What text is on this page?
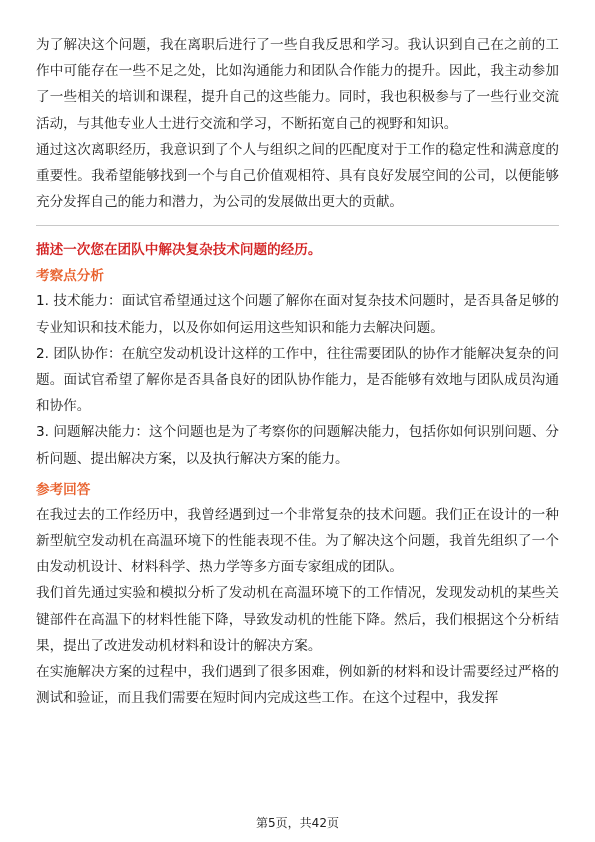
为了解决这个问题，我在离职后进行了一些自我反思和学习。我认识到自己在之前的工作中可能存在一些不足之处，比如沟通能力和团队合作能力的提升。因此，我主动参加了一些相关的培训和课程，提升自己的这些能力。同时，我也积极参与了一些行业交流活动，与其他专业人士进行交流和学习，不断拓宽自己的视野和知识。

通过这次离职经历，我意识到了个人与组织之间的匹配度对于工作的稳定性和满意度的重要性。我希望能够找到一个与自己价值观相符、具有良好发展空间的公司，以便能够充分发挥自己的能力和潜力，为公司的发展做出更大的贡献。

描述一次您在团队中解决复杂技术问题的经历。

考察点分析

1. 技术能力：面试官希望通过这个问题了解你在面对复杂技术问题时，是否具备足够的专业知识和技术能力，以及你如何运用这些知识和能力去解决问题。

2. 团队协作：在航空发动机设计这样的工作中，往往需要团队的协作才能解决复杂的问题。面试官希望了解你是否具备良好的团队协作能力，是否能够有效地与团队成员沟通和协作。

3. 问题解决能力：这个问题也是为了考察你的问题解决能力，包括你如何识别问题、分析问题、提出解决方案，以及执行解决方案的能力。

参考回答

在我过去的工作经历中，我曾经遇到过一个非常复杂的技术问题。我们正在设计的一种新型航空发动机在高温环境下的性能表现不佳。为了解决这个问题，我首先组织了一个由发动机设计、材料科学、热力学等多方面专家组成的团队。

我们首先通过实验和模拟分析了发动机在高温环境下的工作情况，发现发动机的某些关键部件在高温下的材料性能下降，导致发动机的性能下降。然后，我们根据这个分析结果，提出了改进发动机材料和设计的解决方案。

在实施解决方案的过程中，我们遇到了很多困难，例如新的材料和设计需要经过严格的测试和验证，而且我们需要在短时间内完成这些工作。在这个过程中，我发挥

第5页，共42页
